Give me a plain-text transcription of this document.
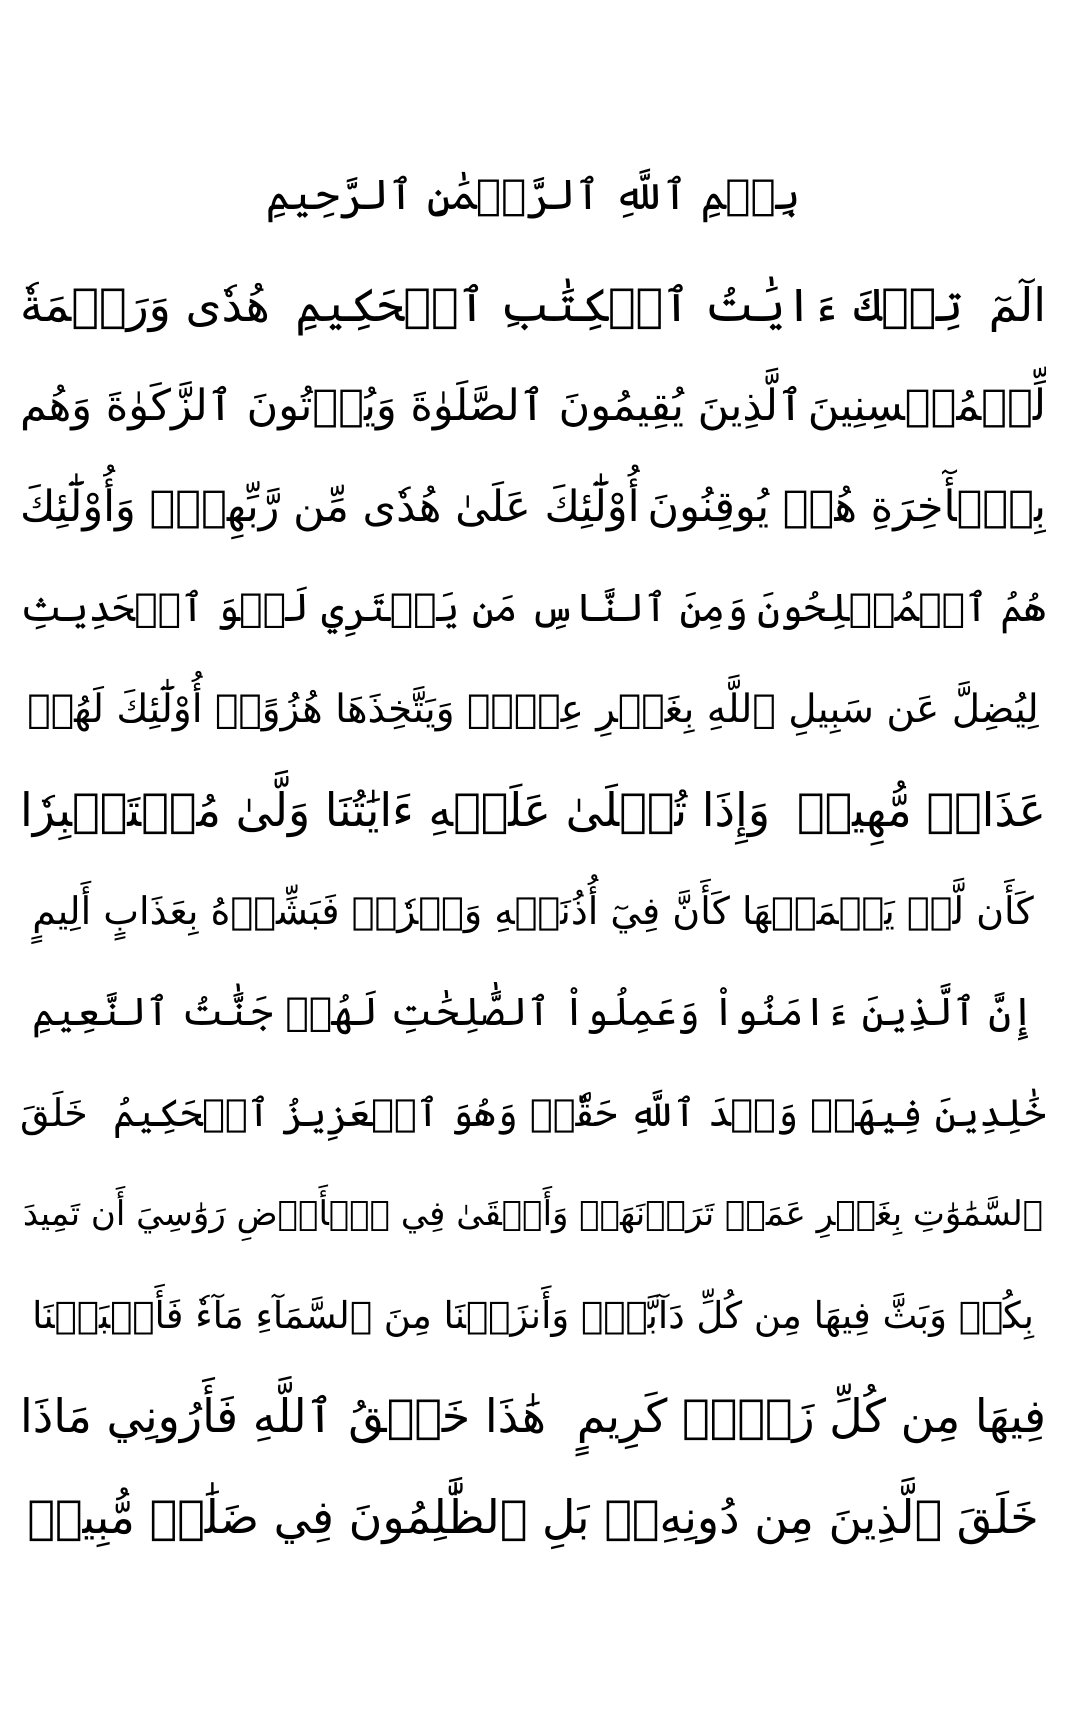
بِسۡمِ ٱللَّهِ ٱلرَّحۡمَٰنِ ٱلرَّحِيمِ
هُدٗى وَرَحۡمَةٗ تِلۡكَ ءَايَٰتُ ٱلۡكِتَٰبِ ٱلۡحَكِيمِ الٓمٓ
ٱلَّذِينَ يُقِيمُونَ ٱلصَّلَوٰةَ وَيُؤۡتُونَ ٱلزَّكَوٰةَ وَهُم لِّلۡمُحۡسِنِينَ
أُوْلَٰٓئِكَ عَلَىٰ هُدٗى مِّن رَّبِّهِمۡۖ وَأُوْلَٰٓئِكَ بِٱلۡأٓخِرَةِ هُمۡ يُوقِنُونَ
وَمِنَ ٱلنَّاسِ مَن يَشۡتَرِي لَهۡوَ ٱلۡحَدِيثِ هُمُ ٱلۡمُفۡلِحُونَ
لِيُضِلَّ عَن سَبِيلِ ٱللَّهِ بِغَيۡرِ عِلۡمٖ وَيَتَّخِذَهَا هُزُوًاۚ أُوْلَٰٓئِكَ لَهُمۡ
وَإِذَا تُتۡلَىٰ عَلَيۡهِ ءَايَٰتُنَا وَلَّىٰ مُسۡتَكۡبِرٗا عَذَابٞ مُّهِينٞ
كَأَن لَّمۡ يَسۡمَعۡهَا كَأَنَّ فِيٓ أُذُنَيۡهِ وَقۡرٗاۖ فَبَشِّرۡهُ بِعَذَابٍ أَلِيمٍ
إِنَّ ٱلَّذِينَ ءَامَنُواْ وَعَمِلُواْ ٱلصَّٰلِحَٰتِ لَهُمۡ جَنَّٰتُ ٱلنَّعِيمِ
خَلَقَ خَٰلِدِينَ فِيهَاۖ وَعۡدَ ٱللَّهِ حَقّٗاۚ وَهُوَ ٱلۡعَزِيزُ ٱلۡحَكِيمُ
ٱلسَّمَٰوَٰتِ بِغَيۡرِ عَمَدٖ تَرَوۡنَهَاۖ وَأَلۡقَىٰ فِي ٱلۡأَرۡضِ رَوَٰسِيَ أَن تَمِيدَ
بِكُمۡ وَبَثَّ فِيهَا مِن كُلِّ دَآبَّةٖۚ وَأَنزَلۡنَا مِنَ ٱلسَّمَآءِ مَآءٗ فَأَنۢبَتۡنَا
هَٰذَا خَلۡقُ ٱللَّهِ فَأَرُونِي مَاذَا فِيهَا مِن كُلِّ زَوۡجٖ كَرِيمٍ
خَلَقَ ٱلَّذِينَ مِن دُونِهِۦۚ بَلِ ٱلظَّٰلِمُونَ فِي ضَلَٰلٖ مُّبِينٖ
